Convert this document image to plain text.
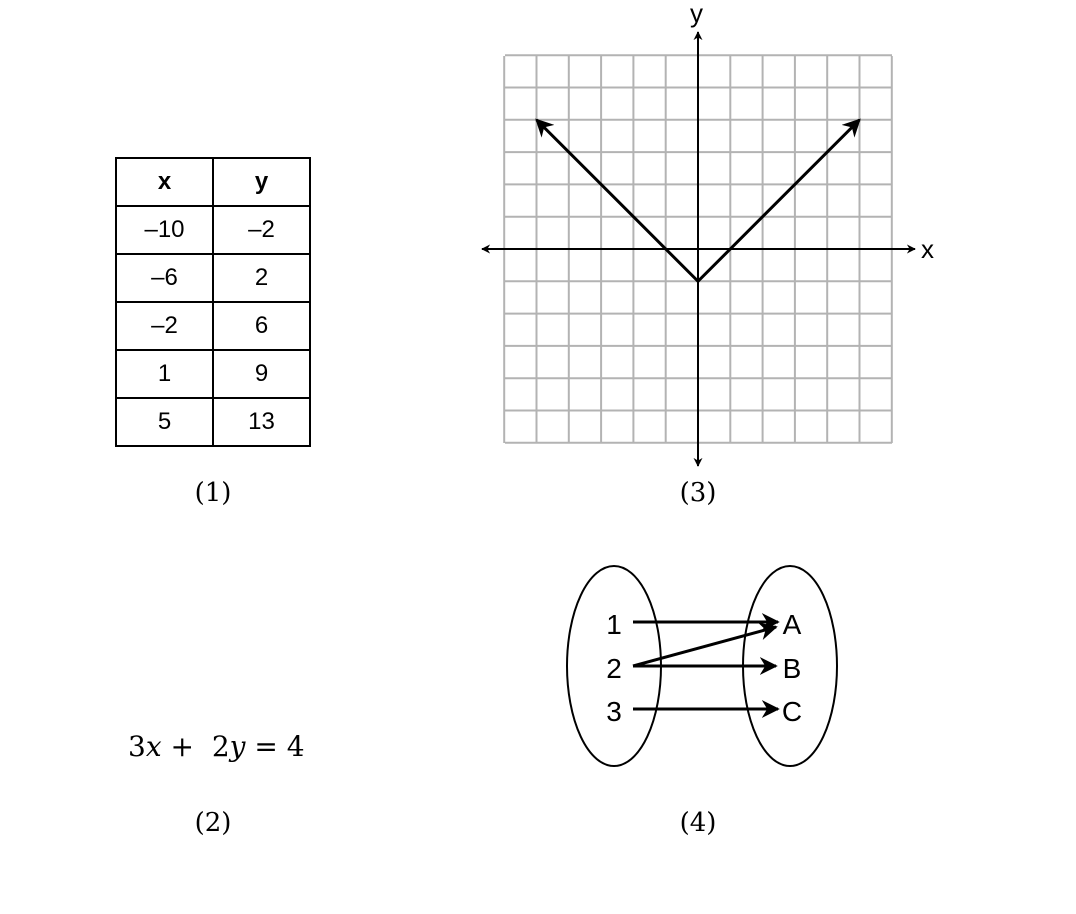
x	y
–10	–2
–6	2
–2	6
1	9
5	13
(1)
3x + 2y = 4
(2)
x
y
(3)
1
2
3
A
B
C
(4)
